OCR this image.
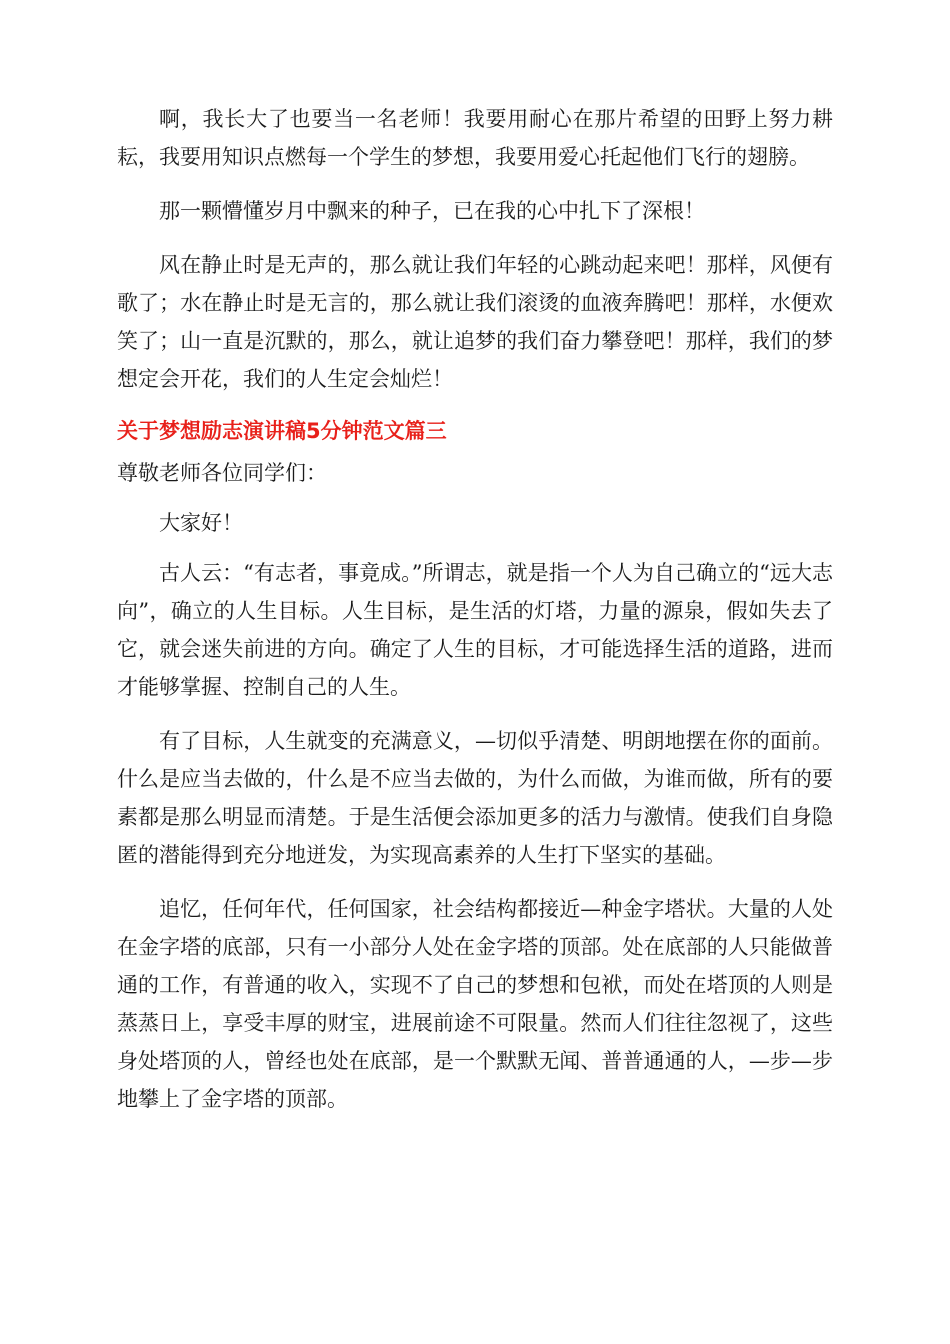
啊，我长大了也要当一名老师！我要用耐心在那片希望的田野上努力耕耘，我要用知识点燃每一个学生的梦想，我要用爱心托起他们飞行的翅膀。

那一颗懵懂岁月中飘来的种子，已在我的心中扎下了深根！

风在静止时是无声的，那么就让我们年轻的心跳动起来吧！那样，风便有歌了；水在静止时是无言的，那么就让我们滚烫的血液奔腾吧！那样，水便欢笑了；山一直是沉默的，那么，就让追梦的我们奋力攀登吧！那样，我们的梦想定会开花，我们的人生定会灿烂！

关于梦想励志演讲稿5分钟范文篇三

尊敬老师各位同学们：

大家好！

古人云：“有志者，事竟成。”所谓志，就是指一个人为自己确立的“远大志向”，确立的人生目标。人生目标，是生活的灯塔，力量的源泉，假如失去了它，就会迷失前进的方向。确定了人生的目标，才可能选择生活的道路，进而才能够掌握、控制自己的人生。

有了目标，人生就变的充满意义，—切似乎清楚、明朗地摆在你的面前。什么是应当去做的，什么是不应当去做的，为什么而做，为谁而做，所有的要素都是那么明显而清楚。于是生活便会添加更多的活力与激情。使我们自身隐匿的潜能得到充分地迸发，为实现高素养的人生打下坚实的基础。

追忆，任何年代，任何国家，社会结构都接近—种金字塔状。大量的人处在金字塔的底部，只有一小部分人处在金字塔的顶部。处在底部的人只能做普通的工作，有普通的收入，实现不了自己的梦想和包袱，而处在塔顶的人则是蒸蒸日上，享受丰厚的财宝，进展前途不可限量。然而人们往往忽视了，这些身处塔顶的人，曾经也处在底部，是一个默默无闻、普普通通的人，—步—步地攀上了金字塔的顶部。
